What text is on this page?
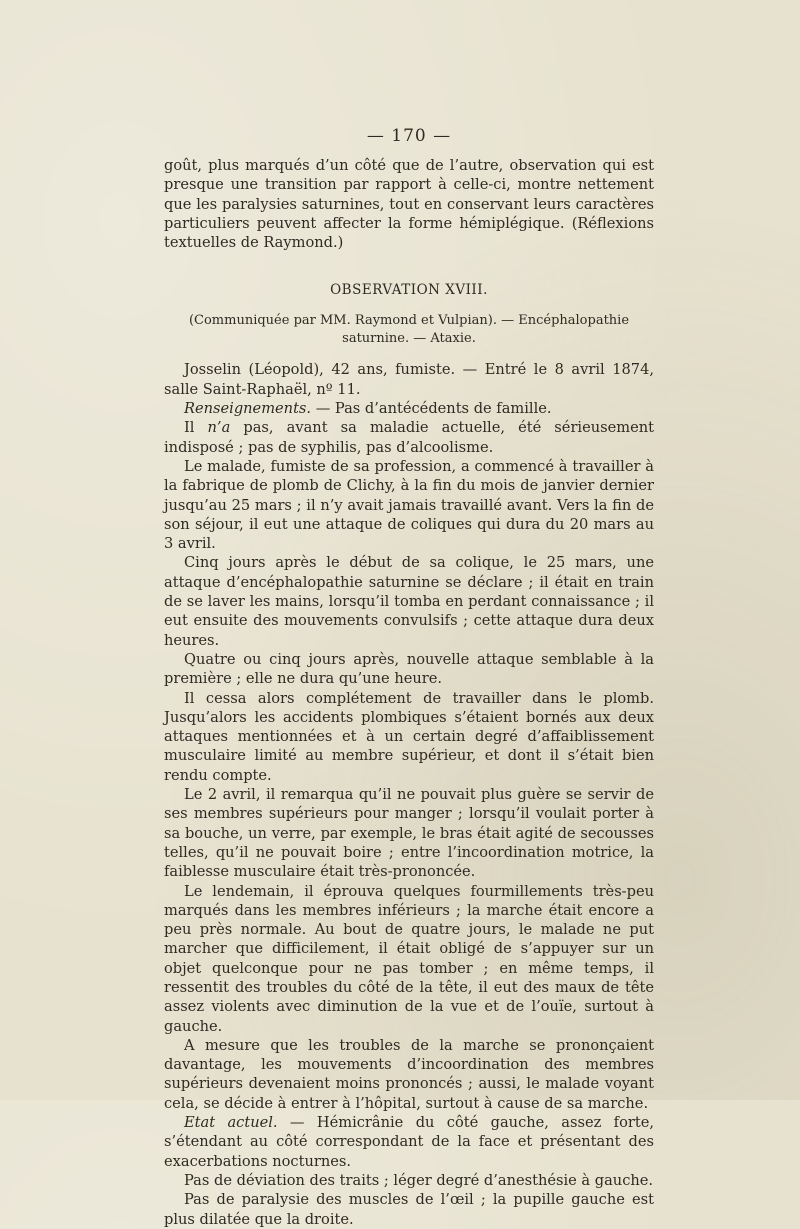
— 170 —

goût, plus marqués d’un côté que de l’autre, observation qui est presque une transition par rapport à celle-ci, montre nettement que les paralysies saturnines, tout en conservant leurs caractères particuliers peuvent affecter la forme hémiplégique. (Réflexions textuelles de Raymond.)

OBSERVATION XVIII.
(Communiquée par MM. Raymond et Vulpian). — Encéphalopathie saturnine. — Ataxie.

Josselin (Léopold), 42 ans, fumiste. — Entré le 8 avril 1874, salle Saint-Raphaël, nº 11.

Renseignements. — Pas d’antécédents de famille.

Il n’a pas, avant sa maladie actuelle, été sérieusement indisposé ; pas de syphilis, pas d’alcoolisme.

Le malade, fumiste de sa profession, a commencé à travailler à la fabrique de plomb de Clichy, à la fin du mois de janvier dernier jusqu’au 25 mars ; il n’y avait jamais travaillé avant. Vers la fin de son séjour, il eut une attaque de coliques qui dura du 20 mars au 3 avril.

Cinq jours après le début de sa colique, le 25 mars, une attaque d’encéphalopathie saturnine se déclare ; il était en train de se laver les mains, lorsqu’il tomba en perdant connaissance ; il eut ensuite des mouvements convulsifs ; cette attaque dura deux heures.

Quatre ou cinq jours après, nouvelle attaque semblable à la première ; elle ne dura qu’une heure.

Il cessa alors complétement de travailler dans le plomb. Jusqu’alors les accidents plombiques s’étaient bornés aux deux attaques mentionnées et à un certain degré d’affaiblissement musculaire limité au membre supérieur, et dont il s’était bien rendu compte.

Le 2 avril, il remarqua qu’il ne pouvait plus guère se servir de ses membres supérieurs pour manger ; lorsqu’il voulait porter à sa bouche, un verre, par exemple, le bras était agité de secousses telles, qu’il ne pouvait boire ; entre l’incoordination motrice, la faiblesse musculaire était très-prononcée.

Le lendemain, il éprouva quelques fourmillements très-peu marqués dans les membres inférieurs ; la marche était encore a peu près normale. Au bout de quatre jours, le malade ne put marcher que difficilement, il était obligé de s’appuyer sur un objet quelconque pour ne pas tomber ; en même temps, il ressentit des troubles du côté de la tête, il eut des maux de tête assez violents avec diminution de la vue et de l’ouïe, surtout à gauche.

A mesure que les troubles de la marche se prononçaient davantage, les mouvements d’incoordination des membres supérieurs devenaient moins prononcés ; aussi, le malade voyant cela, se décide à entrer à l’hôpital, surtout à cause de sa marche.

Etat actuel. — Hémicrânie du côté gauche, assez forte, s’étendant au côté correspondant de la face et présentant des exacerbations nocturnes.

Pas de déviation des traits ; léger degré d’anesthésie à gauche.

Pas de paralysie des muscles de l’œil ; la pupille gauche est plus dilatée que la droite.
